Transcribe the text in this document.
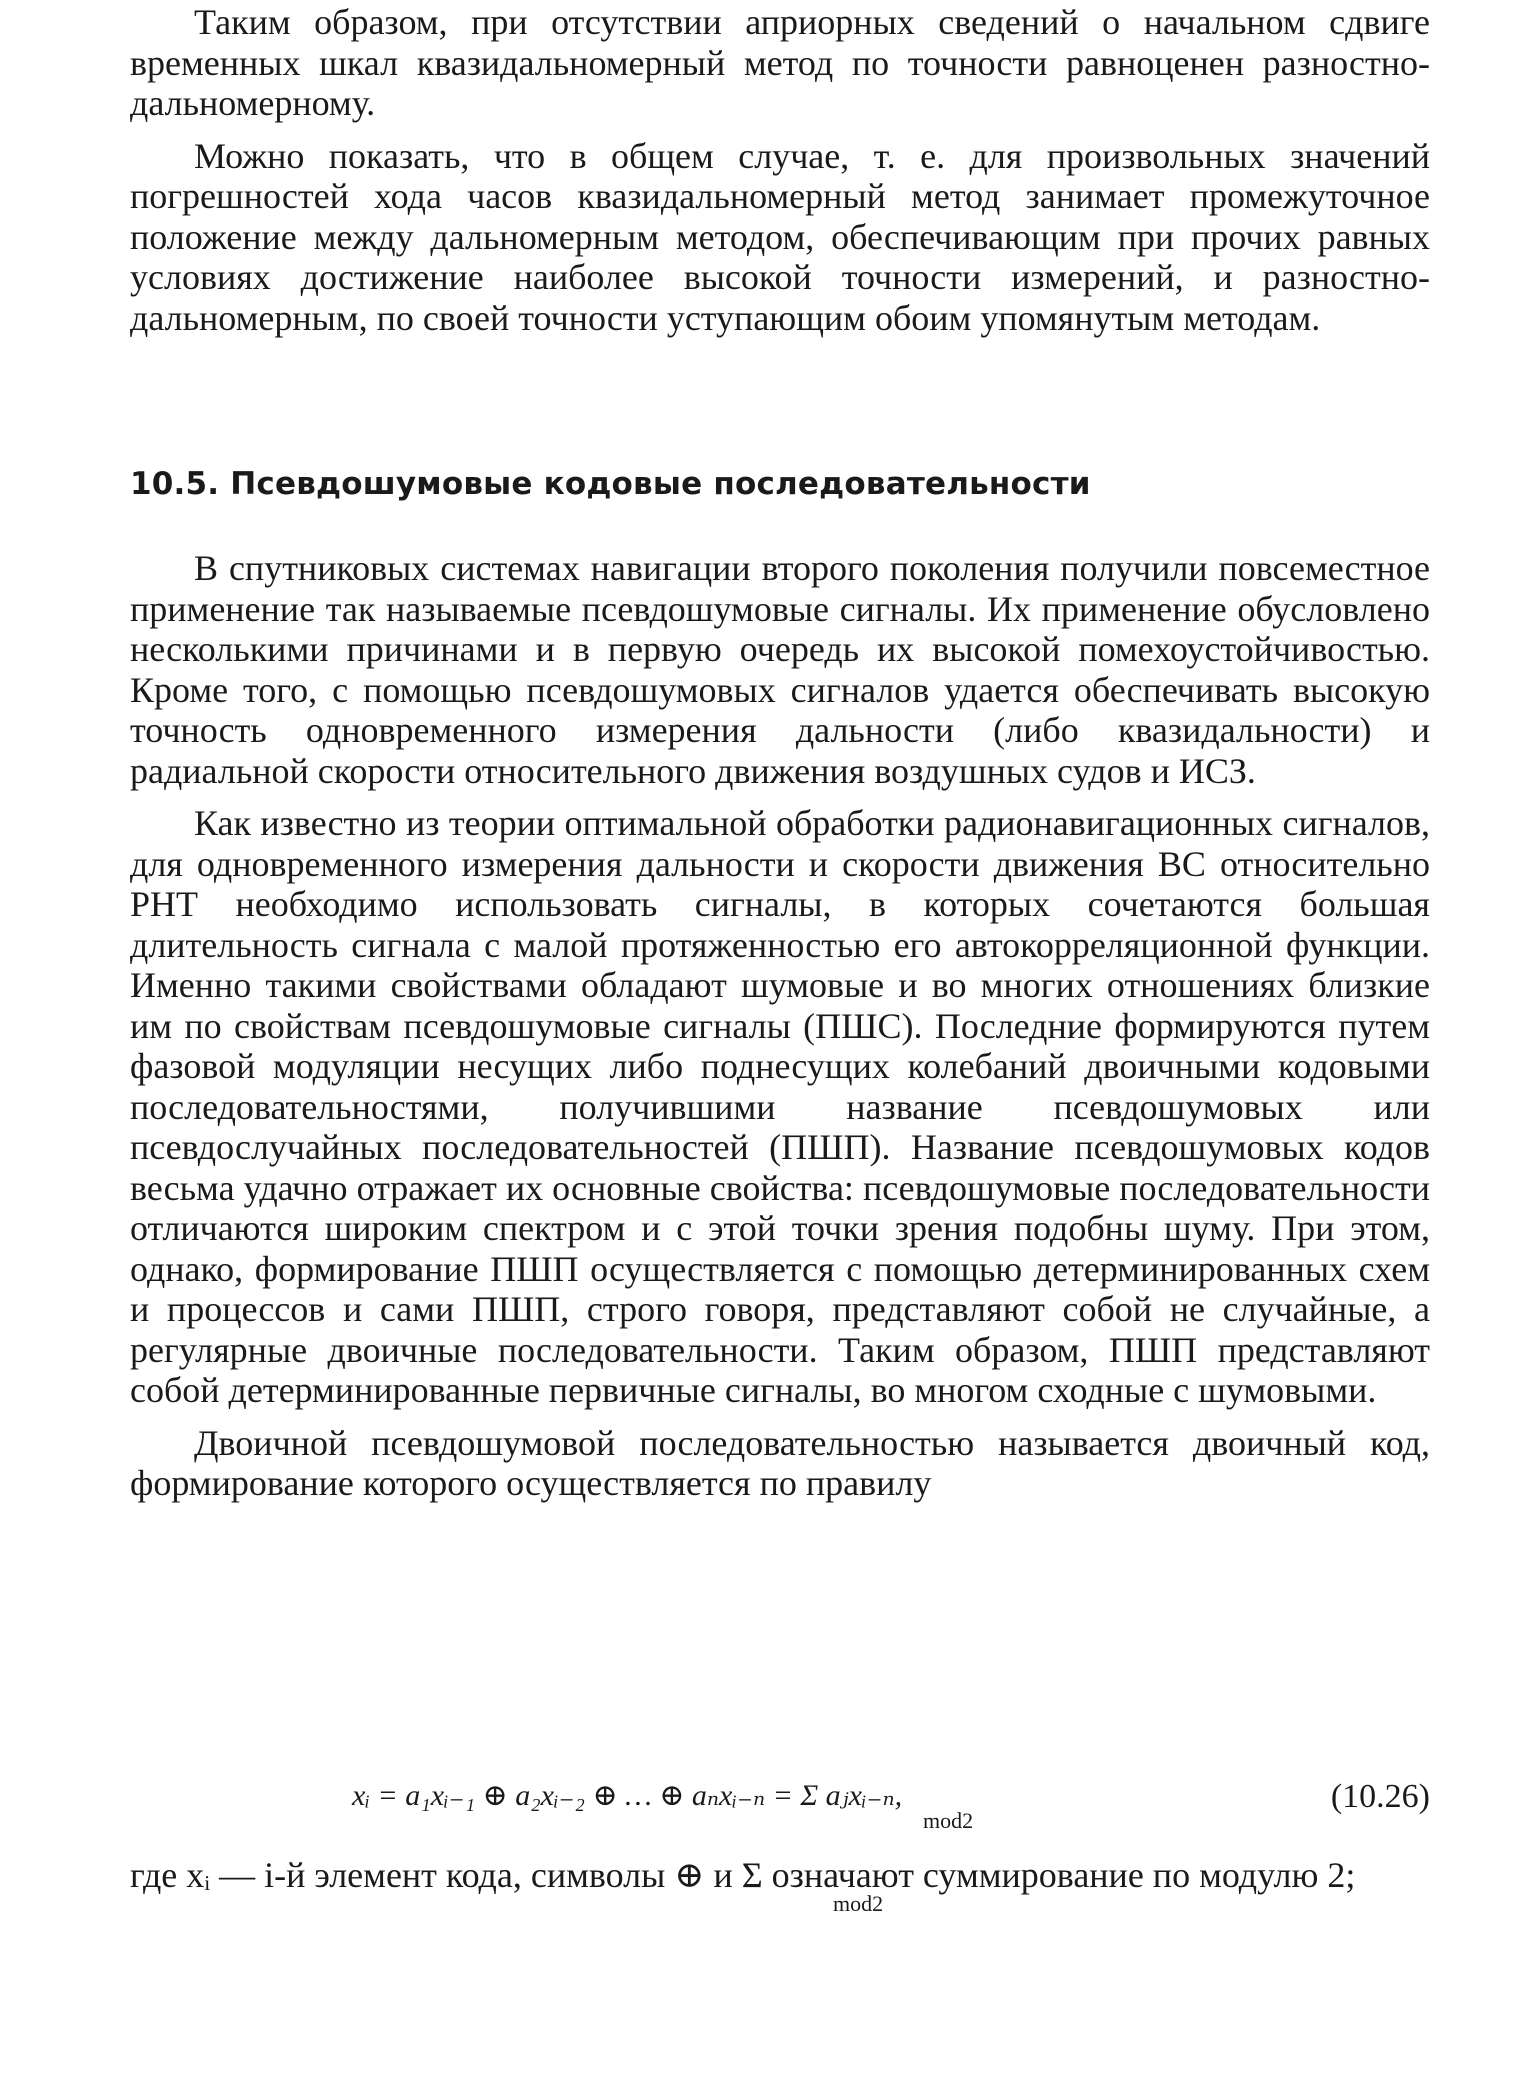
Таким образом, при отсутствии априорных сведений о начальном сдвиге временных шкал квазидальномерный метод по точности равноценен разностно-дальномерному.

Можно показать, что в общем случае, т. е. для произвольных значений погрешностей хода часов квазидальномерный метод занимает промежуточное положение между дальномерным методом, обеспечивающим при прочих равных условиях достижение наиболее высокой точности измерений, и разностно-дальномерным, по своей точности уступающим обоим упомянутым методам.

10.5. Псевдошумовые кодовые последовательности

В спутниковых системах навигации второго поколения получили повсеместное применение так называемые псевдошумовые сигналы. Их применение обусловлено несколькими причинами и в первую очередь их высокой помехоустойчивостью. Кроме того, с помощью псевдошумовых сигналов удается обеспечивать высокую точность одновременного измерения дальности (либо квазидальности) и радиальной скорости относительного движения воздушных судов и ИСЗ.

Как известно из теории оптимальной обработки радионавигационных сигналов, для одновременного измерения дальности и скорости движения ВС относительно РНТ необходимо использовать сигналы, в которых сочетаются большая длительность сигнала с малой протяженностью его автокорреляционной функции. Именно такими свойствами обладают шумовые и во многих отношениях близкие им по свойствам псевдошумовые сигналы (ПШС). Последние формируются путем фазовой модуляции несущих либо поднесущих колебаний двоичными кодовыми последовательностями, получившими название псевдошумовых или псевдослучайных последовательностей (ПШП). Название псевдошумовых кодов весьма удачно отражает их основные свойства: псевдошумовые последовательности отличаются широким спектром и с этой точки зрения подобны шуму. При этом, однако, формирование ПШП осуществляется с помощью детерминированных схем и процессов и сами ПШП, строго говоря, представляют собой не случайные, а регулярные двоичные последовательности. Таким образом, ПШП представляют собой детерминированные первичные сигналы, во многом сходные с шумовыми.

Двоичной псевдошумовой последовательностью называется двоичный код, формирование которого осуществляется по правилу

xᵢ = a₁xᵢ₋₁ ⊕ a₂xᵢ₋₂ ⊕ … ⊕ aₙxᵢ₋ₙ = Σ aⱼxᵢ₋ₙ,
mod2
(10.26)

где xᵢ — i-й элемент кода, символы ⊕ и Σ означают суммирование по модулю 2;

mod2
